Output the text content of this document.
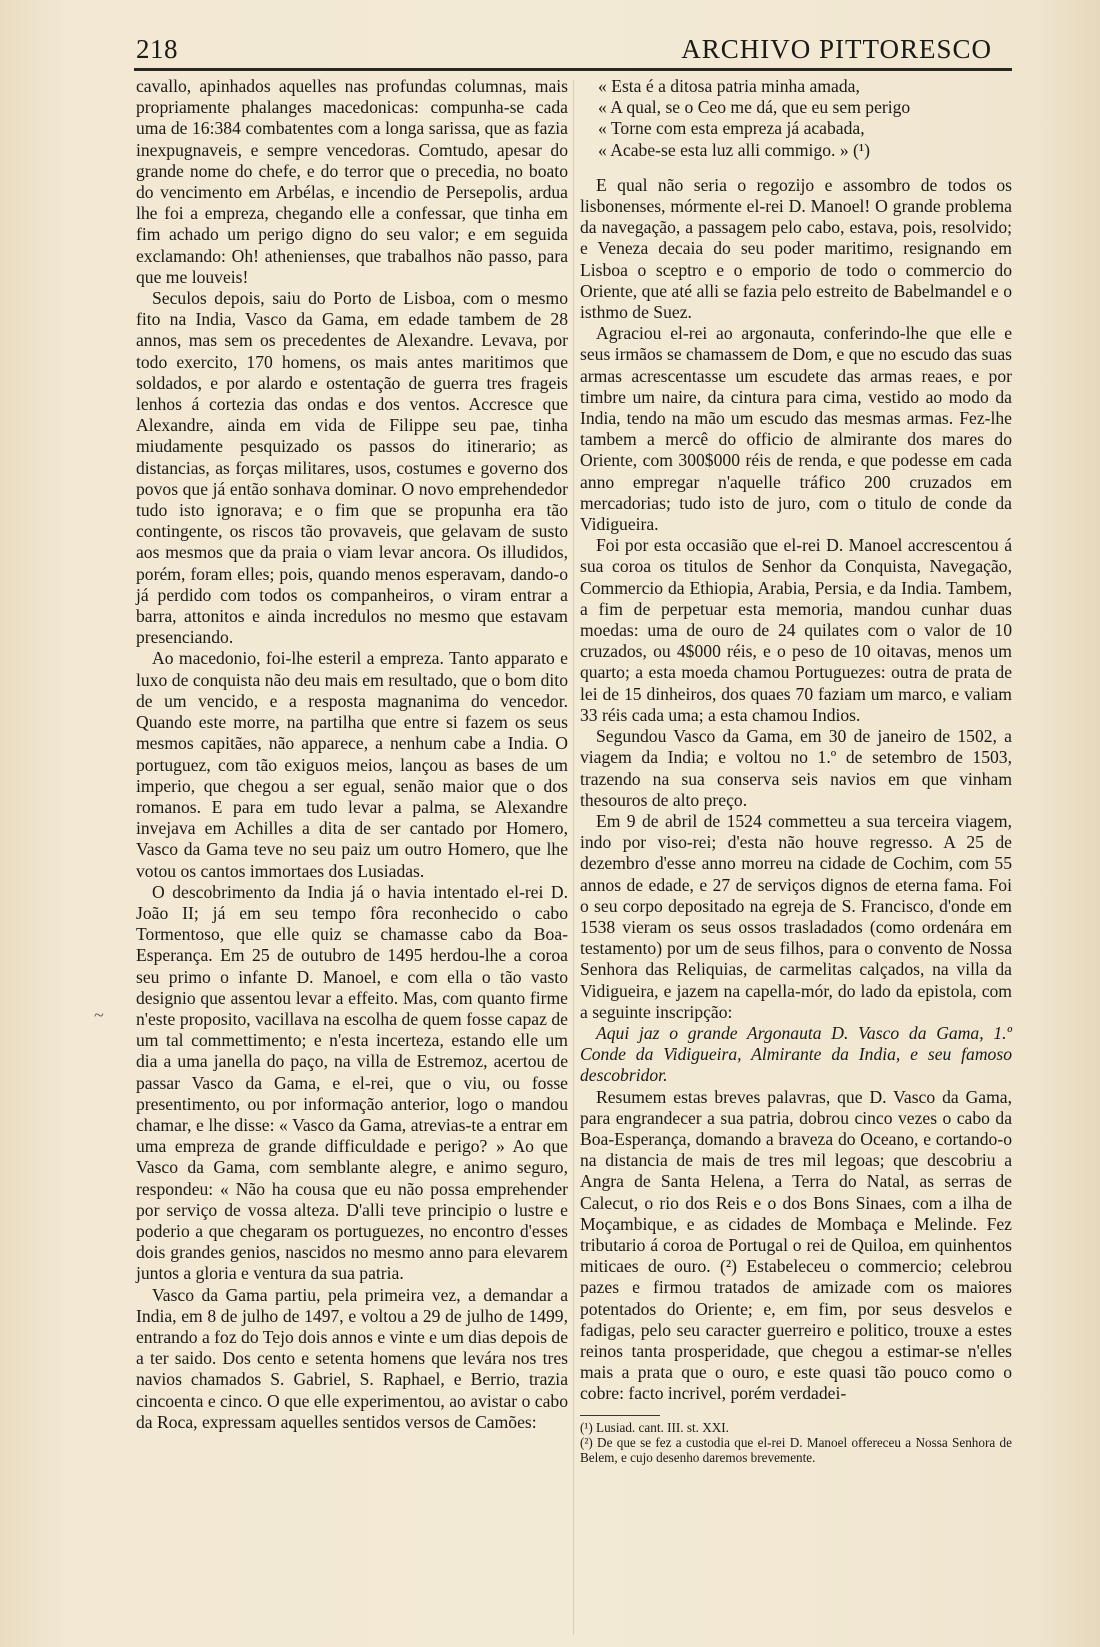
218	ARCHIVO PITTORESCO

cavallo, apinhados aquelles nas profundas columnas, mais propriamente phalanges macedonicas: compunha-se cada uma de 16:384 combatentes com a longa sarissa, que as fazia inexpugnaveis, e sempre vencedoras. Comtudo, apesar do grande nome do chefe, e do terror que o precedia, no boato do vencimento em Arbélas, e incendio de Persepolis, ardua lhe foi a empreza, chegando elle a confessar, que tinha em fim achado um perigo digno do seu valor; e em seguida exclamando: Oh! athenienses, que trabalhos não passo, para que me louveis!

Seculos depois, saiu do Porto de Lisboa, com o mesmo fito na India, Vasco da Gama, em edade tambem de 28 annos, mas sem os precedentes de Alexandre. Levava, por todo exercito, 170 homens, os mais antes maritimos que soldados, e por alardo e ostentação de guerra tres frageis lenhos á cortezia das ondas e dos ventos. Accresce que Alexandre, ainda em vida de Filippe seu pae, tinha miudamente pesquizado os passos do itinerario; as distancias, as forças militares, usos, costumes e governo dos povos que já então sonhava dominar. O novo emprehendedor tudo isto ignorava; e o fim que se propunha era tão contingente, os riscos tão provaveis, que gelavam de susto aos mesmos que da praia o viam levar ancora. Os illudidos, porém, foram elles; pois, quando menos esperavam, dando-o já perdido com todos os companheiros, o viram entrar a barra, attonitos e ainda incredulos no mesmo que estavam presenciando.

Ao macedonio, foi-lhe esteril a empreza. Tanto apparato e luxo de conquista não deu mais em resultado, que o bom dito de um vencido, e a resposta magnanima do vencedor. Quando este morre, na partilha que entre si fazem os seus mesmos capitães, não apparece, a nenhum cabe a India. O portuguez, com tão exiguos meios, lançou as bases de um imperio, que chegou a ser egual, senão maior que o dos romanos. E para em tudo levar a palma, se Alexandre invejava em Achilles a dita de ser cantado por Homero, Vasco da Gama teve no seu paiz um outro Homero, que lhe votou os cantos immortaes dos Lusiadas.

O descobrimento da India já o havia intentado el-rei D. João II; já em seu tempo fôra reconhecido o cabo Tormentoso, que elle quiz se chamasse cabo da Boa-Esperança. Em 25 de outubro de 1495 herdou-lhe a coroa seu primo o infante D. Manoel, e com ella o tão vasto designio que assentou levar a effeito. Mas, com quanto firme n'este proposito, vacillava na escolha de quem fosse capaz de um tal commettimento; e n'esta incerteza, estando elle um dia a uma janella do paço, na villa de Estremoz, acertou de passar Vasco da Gama, e el-rei, que o viu, ou fosse presentimento, ou por informação anterior, logo o mandou chamar, e lhe disse: « Vasco da Gama, atrevias-te a entrar em uma empreza de grande difficuldade e perigo? » Ao que Vasco da Gama, com semblante alegre, e animo seguro, respondeu: « Não ha cousa que eu não possa emprehender por serviço de vossa alteza. D'alli teve principio o lustre e poderio a que chegaram os portuguezes, no encontro d'esses dois grandes genios, nascidos no mesmo anno para elevarem juntos a gloria e ventura da sua patria.

Vasco da Gama partiu, pela primeira vez, a demandar a India, em 8 de julho de 1497, e voltou a 29 de julho de 1499, entrando a foz do Tejo dois annos e vinte e um dias depois de a ter saido. Dos cento e setenta homens que levára nos tres navios chamados S. Gabriel, S. Raphael, e Berrio, trazia cincoenta e cinco. O que elle experimentou, ao avistar o cabo da Roca, expressam aquelles sentidos versos de Camões:

« Esta é a ditosa patria minha amada,

« A qual, se o Ceo me dá, que eu sem perigo

« Torne com esta empreza já acabada,

« Acabe-se esta luz alli commigo. » (¹)

E qual não seria o regozijo e assombro de todos os lisbonenses, mórmente el-rei D. Manoel! O grande problema da navegação, a passagem pelo cabo, estava, pois, resolvido; e Veneza decaia do seu poder maritimo, resignando em Lisboa o sceptro e o emporio de todo o commercio do Oriente, que até alli se fazia pelo estreito de Babelmandel e o isthmo de Suez.

Agraciou el-rei ao argonauta, conferindo-lhe que elle e seus irmãos se chamassem de Dom, e que no escudo das suas armas acrescentasse um escudete das armas reaes, e por timbre um naire, da cintura para cima, vestido ao modo da India, tendo na mão um escudo das mesmas armas. Fez-lhe tambem a mercê do officio de almirante dos mares do Oriente, com 300$000 réis de renda, e que podesse em cada anno empregar n'aquelle tráfico 200 cruzados em mercadorias; tudo isto de juro, com o titulo de conde da Vidigueira.

Foi por esta occasião que el-rei D. Manoel accrescentou á sua coroa os titulos de Senhor da Conquista, Navegação, Commercio da Ethiopia, Arabia, Persia, e da India. Tambem, a fim de perpetuar esta memoria, mandou cunhar duas moedas: uma de ouro de 24 quilates com o valor de 10 cruzados, ou 4$000 réis, e o peso de 10 oitavas, menos um quarto; a esta moeda chamou Portuguezes: outra de prata de lei de 15 dinheiros, dos quaes 70 faziam um marco, e valiam 33 réis cada uma; a esta chamou Indios.

Segundou Vasco da Gama, em 30 de janeiro de 1502, a viagem da India; e voltou no 1.º de setembro de 1503, trazendo na sua conserva seis navios em que vinham thesouros de alto preço.

Em 9 de abril de 1524 commetteu a sua terceira viagem, indo por viso-rei; d'esta não houve regresso. A 25 de dezembro d'esse anno morreu na cidade de Cochim, com 55 annos de edade, e 27 de serviços dignos de eterna fama. Foi o seu corpo depositado na egreja de S. Francisco, d'onde em 1538 vieram os seus ossos trasladados (como ordenára em testamento) por um de seus filhos, para o convento de Nossa Senhora das Reliquias, de carmelitas calçados, na villa da Vidigueira, e jazem na capella-mór, do lado da epistola, com a seguinte inscripção:

Aqui jaz o grande Argonauta D. Vasco da Gama, 1.º Conde da Vidigueira, Almirante da India, e seu famoso descobridor.

Resumem estas breves palavras, que D. Vasco da Gama, para engrandecer a sua patria, dobrou cinco vezes o cabo da Boa-Esperança, domando a braveza do Oceano, e cortando-o na distancia de mais de tres mil legoas; que descobriu a Angra de Santa Helena, a Terra do Natal, as serras de Calecut, o rio dos Reis e o dos Bons Sinaes, com a ilha de Moçambique, e as cidades de Mombaça e Melinde. Fez tributario á coroa de Portugal o rei de Quiloa, em quinhentos miticaes de ouro. (²) Estabeleceu o commercio; celebrou pazes e firmou tratados de amizade com os maiores potentados do Oriente; e, em fim, por seus desvelos e fadigas, pelo seu caracter guerreiro e politico, trouxe a estes reinos tanta prosperidade, que chegou a estimar-se n'elles mais a prata que o ouro, e este quasi tão pouco como o cobre: facto incrivel, porém verdadei-

(¹) Lusiad. cant. III. st. XXI.

(²) De que se fez a custodia que el-rei D. Manoel offereceu a Nossa Senhora de Belem, e cujo desenho daremos brevemente.

~
